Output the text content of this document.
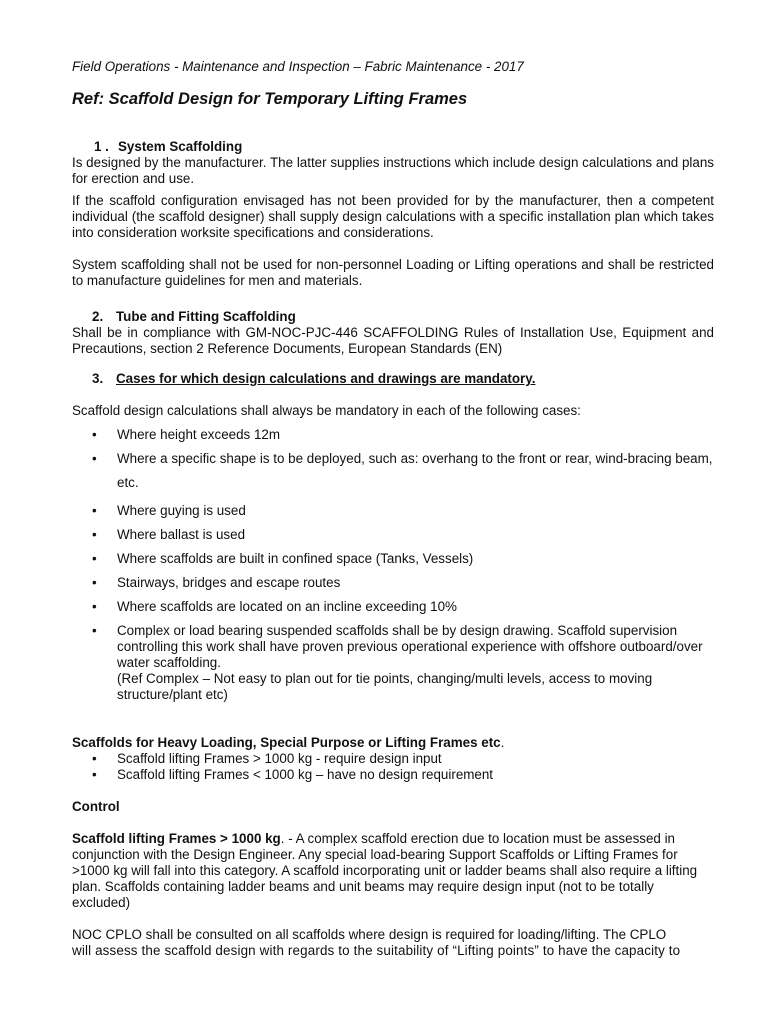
Field Operations - Maintenance and Inspection – Fabric Maintenance - 2017
Ref: Scaffold Design for Temporary Lifting Frames
1 . System Scaffolding

Is designed by the manufacturer. The latter supplies instructions which include design calculations and plans for erection and use.

If the scaffold configuration envisaged has not been provided for by the manufacturer, then a competent individual (the scaffold designer) shall supply design calculations with a specific installation plan which takes into consideration worksite specifications and considerations.

System scaffolding shall not be used for non-personnel Loading or Lifting operations and shall be restricted to manufacture guidelines for men and materials.

2. Tube and Fitting Scaffolding

Shall be in compliance with GM-NOC-PJC-446 SCAFFOLDING Rules of Installation Use, Equipment and Precautions, section 2 Reference Documents, European Standards (EN)

3. Cases for which design calculations and drawings are mandatory.

Scaffold design calculations shall always be mandatory in each of the following cases:

• Where height exceeds 12m
• Where a specific shape is to be deployed, such as: overhang to the front or rear, wind-bracing beam, etc.
• Where guying is used
• Where ballast is used
• Where scaffolds are built in confined space (Tanks, Vessels)
• Stairways, bridges and escape routes
• Where scaffolds are located on an incline exceeding 10%
• Complex or load bearing suspended scaffolds shall be by design drawing. Scaffold supervision controlling this work shall have proven previous operational experience with offshore outboard/over water scaffolding.
(Ref Complex – Not easy to plan out for tie points, changing/multi levels, access to moving structure/plant etc)

Scaffolds for Heavy Loading, Special Purpose or Lifting Frames etc.

• Scaffold lifting Frames > 1000 kg - require design input
• Scaffold lifting Frames < 1000 kg – have no design requirement

Control

Scaffold lifting Frames > 1000 kg. - A complex scaffold erection due to location must be assessed in conjunction with the Design Engineer. Any special load-bearing Support Scaffolds or Lifting Frames for >1000 kg will fall into this category. A scaffold incorporating unit or ladder beams shall also require a lifting plan. Scaffolds containing ladder beams and unit beams may require design input (not to be totally excluded)

NOC CPLO shall be consulted on all scaffolds where design is required for loading/lifting. The CPLO

will assess the scaffold design with regards to the suitability of “Lifting points” to have the capacity to
